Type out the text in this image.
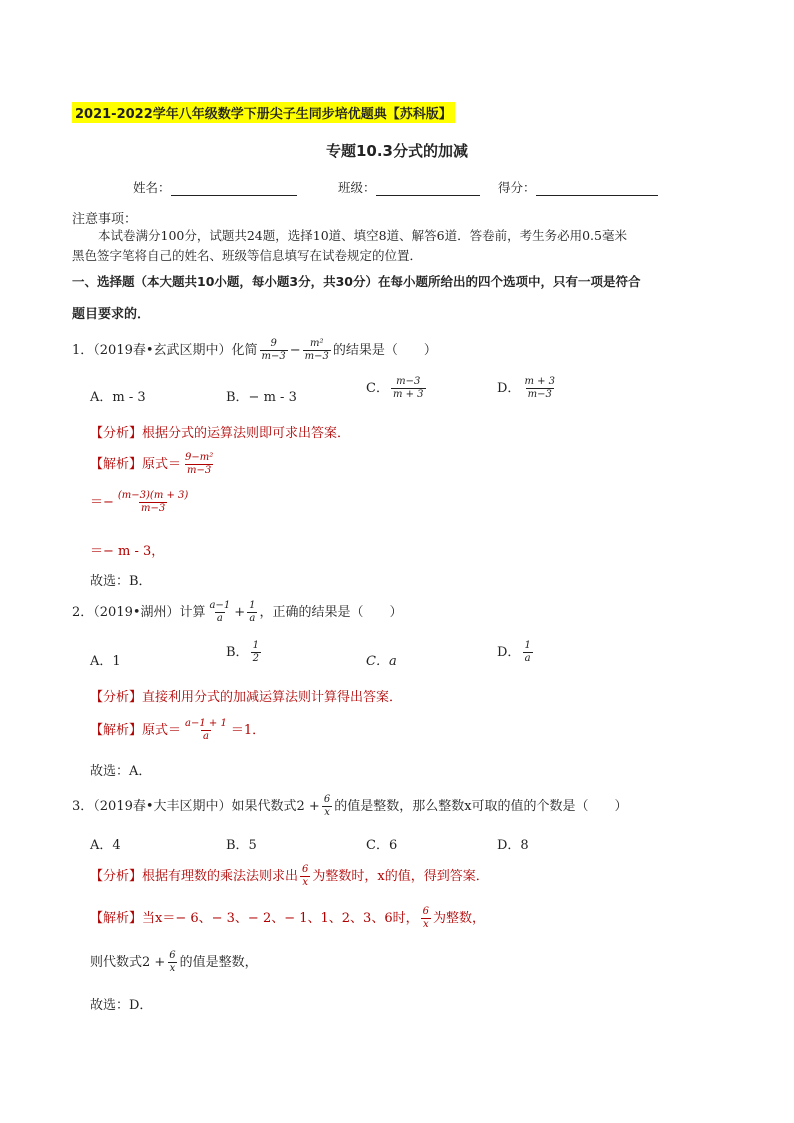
2021-2022学年八年级数学下册尖子生同步培优题典【苏科版】
专题10.3分式的加减
姓名：	班级：	得分：
注意事项：
本试卷满分100分，试题共24题，选择10道、填空8道、解答6道．答卷前，考生务必用0.5毫米
黑色签字笔将自己的姓名、班级等信息填写在试卷规定的位置．
一、选择题（本大题共10小题，每小题3分，共30分）在每小题所给出的四个选项中，只有一项是符合
题目要求的．
1．（2019春•玄武区期中）化简 $\frac{9}{m-3} - \frac{\text{m²}}{m-3}$ 的结果是（　　）
A．m - 3	B．− m - 3
C． $\frac{m-3}{m + 3}$	D． $\frac{m + 3}{m-3}$
【分析】根据分式的运算法则即可求出答案．
【解析】原式＝ $\frac{\text{9−m²}}{m-3}$
＝− $\frac{(m-3)(m + 3)}{m-3}$
＝− m - 3，
故选：B．
2．（2019•湖州）计算 $\frac{a-1}{a} + \frac{1}{a}$ ，正确的结果是（　　）
A．1
B． $\frac{1}{2}$	C．a
D． $\frac{1}{a}$
【分析】直接利用分式的加减运算法则计算得出答案．
【解析】原式＝ $\frac{a-1 + 1}{a} =1$．
故选：A．
3．（2019春•大丰区期中）如果代数式$2 + \frac{6}{x}$ 的值是整数，那么整数x可取的值的个数是（　　）
A．4	B．5	C．6	D．8
【分析】根据有理数的乘法法则求出 $\frac{6}{x}$ 为整数时，x的值，得到答案．
【解析】当x＝− 6、− 3、− 2、− 1、1、2、3、6时， $\frac{6}{x}$ 为整数，
则代数式$2 + \frac{6}{x}$ 的值是整数，
故选：D．
